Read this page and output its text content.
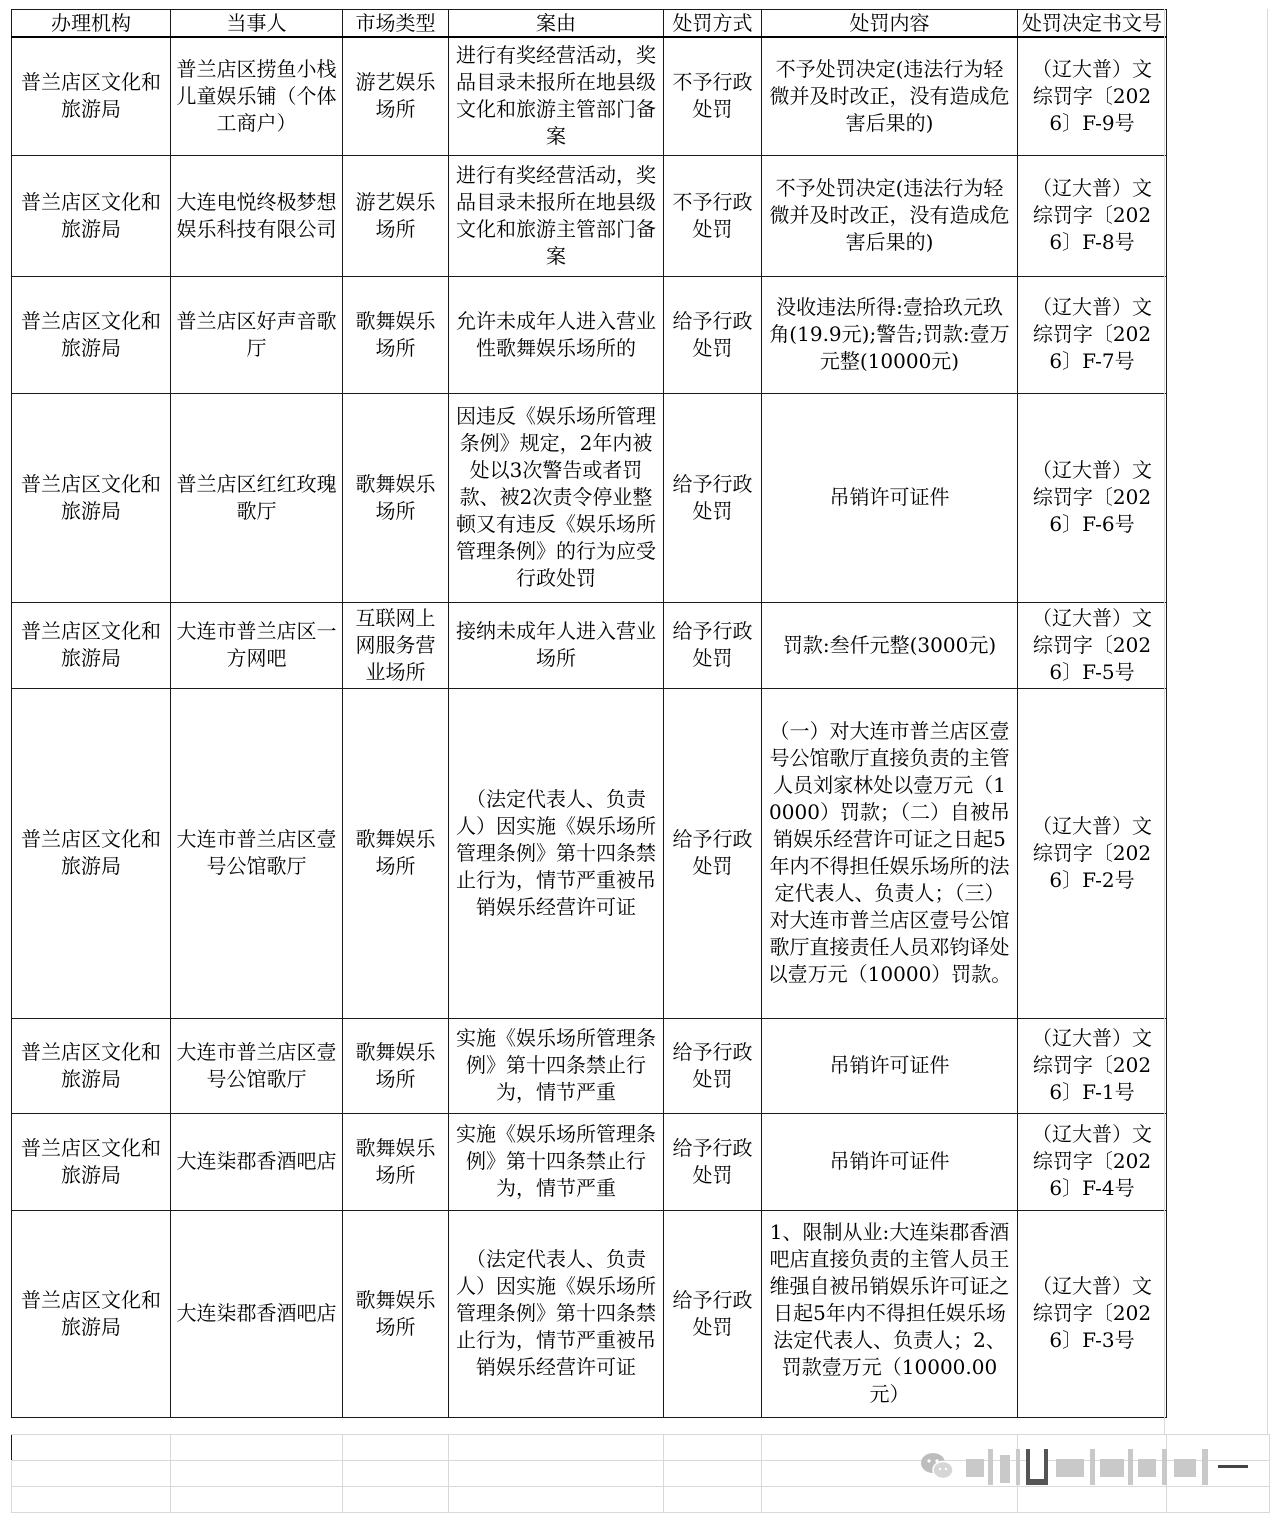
办理机构	当事人	市场类型	案由	处罚方式	处罚内容	处罚决定书文号
普兰店区文化和旅游局	普兰店区捞鱼小栈儿童娱乐铺（个体工商户）	游艺娱乐场所	进行有奖经营活动，奖品目录未报所在地县级文化和旅游主管部门备案	不予行政处罚	不予处罚决定(违法行为轻微并及时改正，没有造成危害后果的)	（辽大普）文综罚字〔2026〕F-9号
普兰店区文化和旅游局	大连电悦终极梦想娱乐科技有限公司	游艺娱乐场所	进行有奖经营活动，奖品目录未报所在地县级文化和旅游主管部门备案	不予行政处罚	不予处罚决定(违法行为轻微并及时改正，没有造成危害后果的)	（辽大普）文综罚字〔2026〕F-8号
普兰店区文化和旅游局	普兰店区好声音歌厅	歌舞娱乐场所	允许未成年人进入营业性歌舞娱乐场所的	给予行政处罚	没收违法所得:壹拾玖元玖角(19.9元);警告;罚款:壹万元整(10000元)	（辽大普）文综罚字〔2026〕F-7号
普兰店区文化和旅游局	普兰店区红红玫瑰歌厅	歌舞娱乐场所	因违反《娱乐场所管理条例》规定，2年内被处以3次警告或者罚款、被2次责令停业整顿又有违反《娱乐场所管理条例》的行为应受行政处罚	给予行政处罚	吊销许可证件	（辽大普）文综罚字〔2026〕F-6号
普兰店区文化和旅游局	大连市普兰店区一方网吧	互联网上网服务营业场所	接纳未成年人进入营业场所	给予行政处罚	罚款:叁仟元整(3000元)	（辽大普）文综罚字〔2026〕F-5号
普兰店区文化和旅游局	大连市普兰店区壹号公馆歌厅	歌舞娱乐场所	（法定代表人、负责人）因实施《娱乐场所管理条例》第十四条禁止行为，情节严重被吊销娱乐经营许可证	给予行政处罚	（一）对大连市普兰店区壹号公馆歌厅直接负责的主管人员刘家林处以壹万元（10000）罚款；（二）自被吊销娱乐经营许可证之日起5年内不得担任娱乐场所的法定代表人、负责人；（三）对大连市普兰店区壹号公馆歌厅直接责任人员邓钧译处以壹万元（10000）罚款。	（辽大普）文综罚字〔2026〕F-2号
普兰店区文化和旅游局	大连市普兰店区壹号公馆歌厅	歌舞娱乐场所	实施《娱乐场所管理条例》第十四条禁止行为，情节严重	给予行政处罚	吊销许可证件	（辽大普）文综罚字〔2026〕F-1号
普兰店区文化和旅游局	大连柒郡香酒吧店	歌舞娱乐场所	实施《娱乐场所管理条例》第十四条禁止行为，情节严重	给予行政处罚	吊销许可证件	（辽大普）文综罚字〔2026〕F-4号
普兰店区文化和旅游局	大连柒郡香酒吧店	歌舞娱乐场所	（法定代表人、负责人）因实施《娱乐场所管理条例》第十四条禁止行为，情节严重被吊销娱乐经营许可证	给予行政处罚	1、限制从业:大连柒郡香酒吧店直接负责的主管人员王维强自被吊销娱乐许可证之日起5年内不得担任娱乐场法定代表人、负责人；2、罚款壹万元（10000.00元）	（辽大普）文综罚字〔2026〕F-3号
